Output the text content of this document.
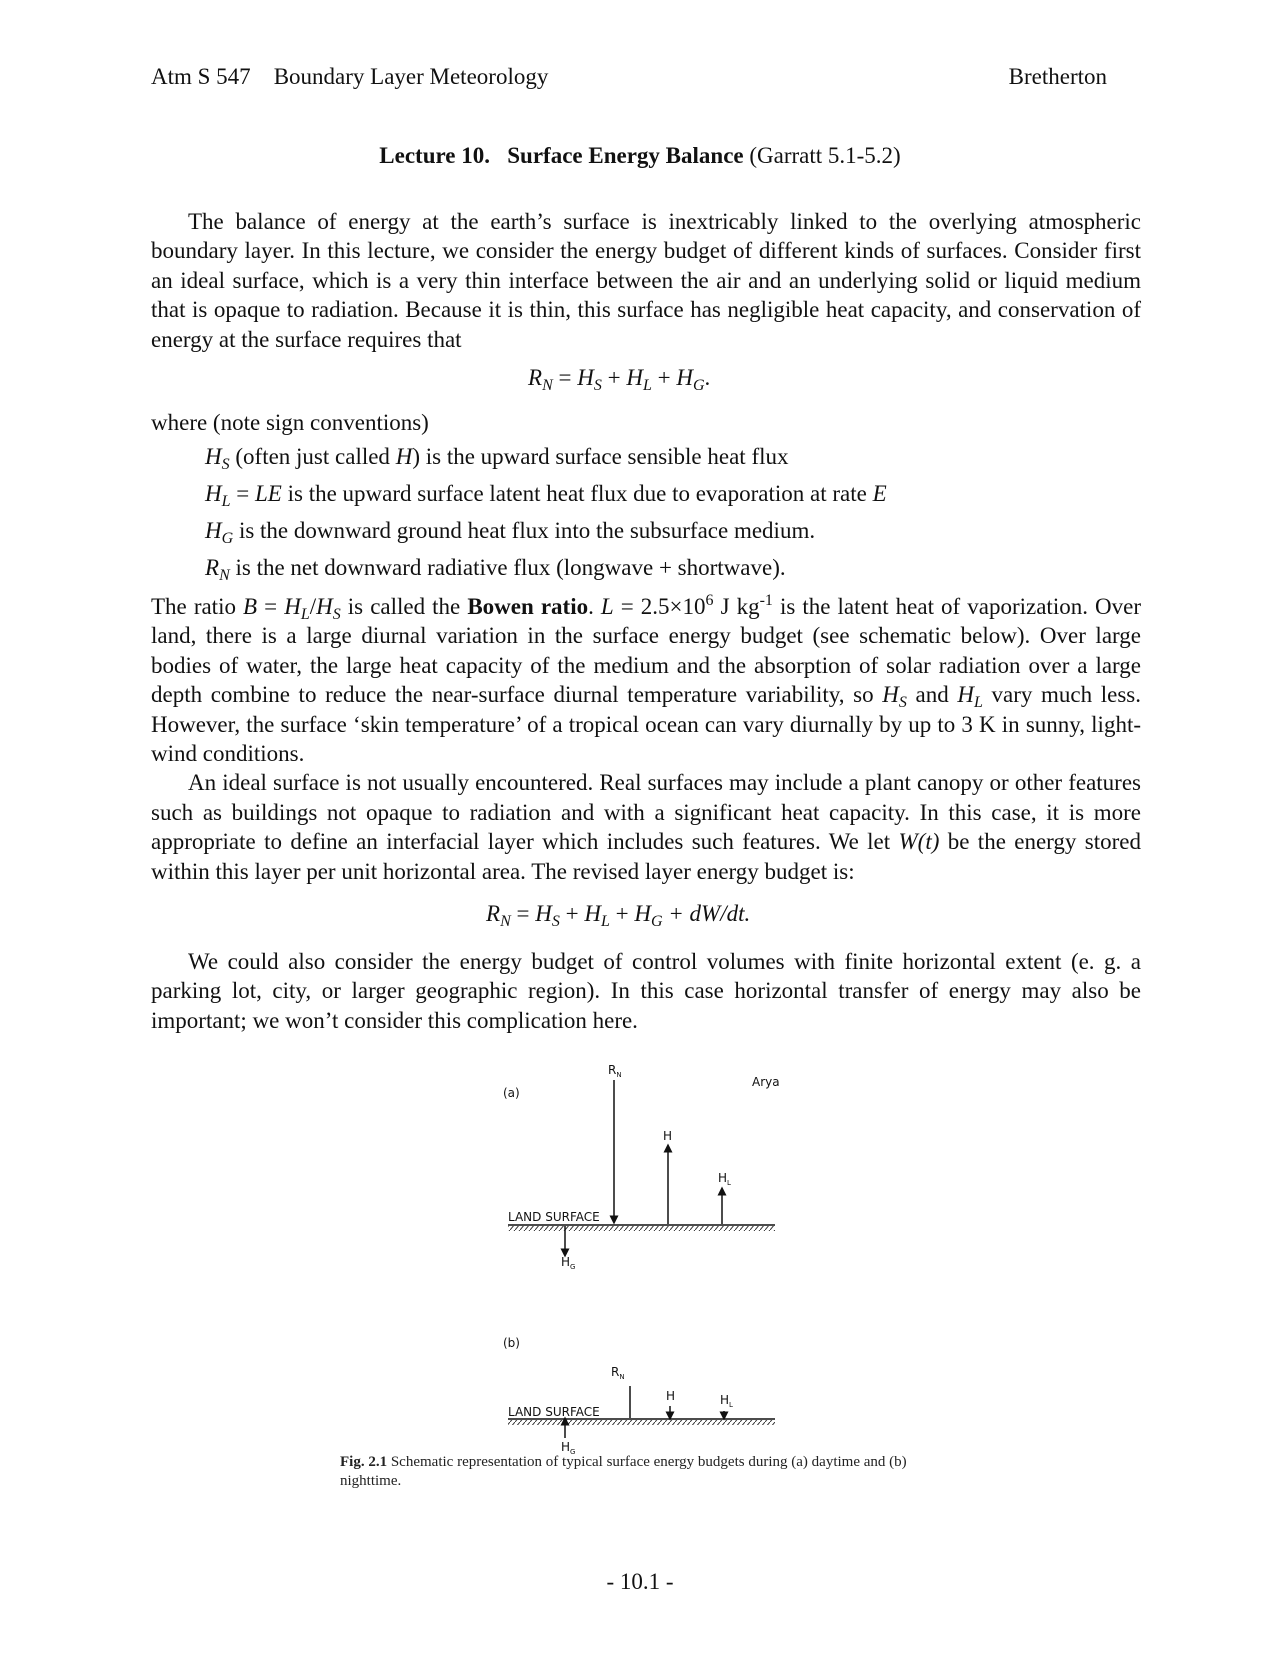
Atm S 547 Boundary Layer Meteorology	Bretherton
Lecture 10. Surface Energy Balance (Garratt 5.1-5.2)

The balance of energy at the earth’s surface is inextricably linked to the overlying atmospheric boundary layer. In this lecture, we consider the energy budget of different kinds of surfaces. Consider first an ideal surface, which is a very thin interface between the air and an underlying solid or liquid medium that is opaque to radiation. Because it is thin, this surface has negligible heat capacity, and conservation of energy at the surface requires that

$R_N = H_S + H_L + H_G$.
where (note sign conventions)
$H_S$ (often just called H) is the upward surface sensible heat flux
$H_L$ = LE is the upward surface latent heat flux due to evaporation at rate E
$H_G$ is the downward ground heat flux into the subsurface medium.
$R_N$ is the net downward radiative flux (longwave + shortwave).

The ratio $B = H_L/H_S$ is called the Bowen ratio. $L = 2.5\times 10^6$ J $kg^{-1}$ is the latent heat of vaporization. Over land, there is a large diurnal variation in the surface energy budget (see schematic below). Over large bodies of water, the large heat capacity of the medium and the absorption of solar radiation over a large depth combine to reduce the near-surface diurnal temperature variability, so $H_S$ and $H_L$ vary much less. However, the surface ‘skin temperature’ of a tropical ocean can vary diurnally by up to 3 K in sunny, light-wind conditions.

An ideal surface is not usually encountered. Real surfaces may include a plant canopy or other features such as buildings not opaque to radiation and with a significant heat capacity. In this case, it is more appropriate to define an interfacial layer which includes such features. We let W(t) be the energy stored within this layer per unit horizontal area. The revised layer energy budget is:

$R_N = H_S + H_L + H_G + dW/dt$.

We could also consider the energy budget of control volumes with finite horizontal extent (e. g. a parking lot, city, or larger geographic region). In this case horizontal transfer of energy may also be important; we won’t consider this complication here.

Arya
(a)
LAND SURFACE
$R_N$
H
$H_L$
$H_G$
(b)
LAND SURFACE
$R_N$
H	$H_L$
$H_G$
Fig. 2.1 Schematic representation of typical surface energy budgets during (a) daytime and (b) nighttime.
- 10.1 -
